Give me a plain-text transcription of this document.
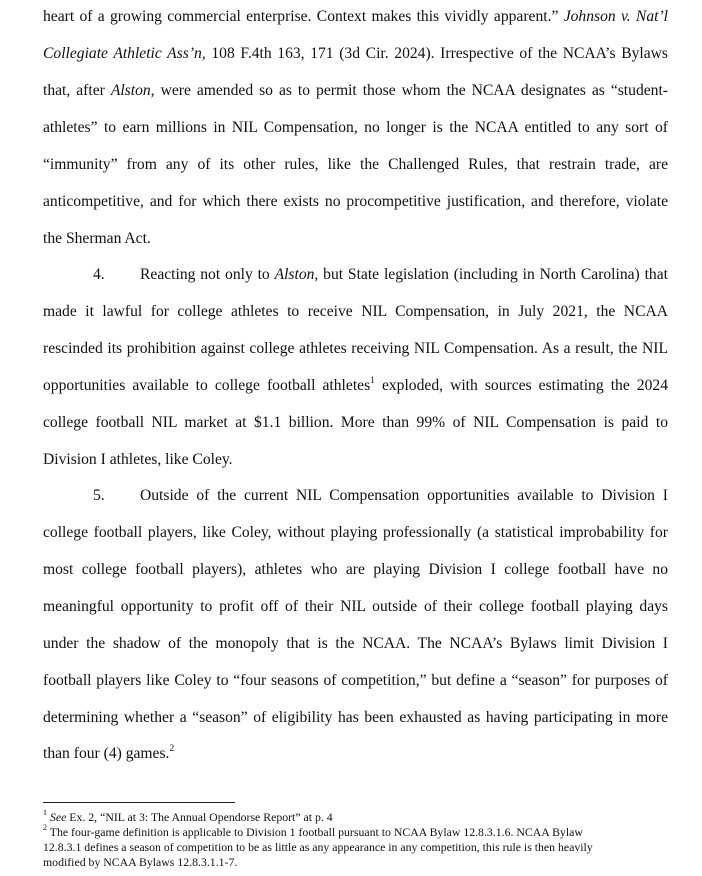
heart of a growing commercial enterprise. Context makes this vividly apparent.” Johnson v. Nat’l
Collegiate Athletic Ass’n, 108 F.4th 163, 171 (3d Cir. 2024). Irrespective of the NCAA’s Bylaws
that, after Alston, were amended so as to permit those whom the NCAA designates as “student-
athletes” to earn millions in NIL Compensation, no longer is the NCAA entitled to any sort of
“immunity” from any of its other rules, like the Challenged Rules, that restrain trade, are
anticompetitive, and for which there exists no procompetitive justification, and therefore, violate
the Sherman Act.
4. Reacting not only to Alston, but State legislation (including in North Carolina) that
made it lawful for college athletes to receive NIL Compensation, in July 2021, the NCAA
rescinded its prohibition against college athletes receiving NIL Compensation. As a result, the NIL
opportunities available to college football athletes$^1$ exploded, with sources estimating the 2024
college football NIL market at $1.1 billion. More than 99% of NIL Compensation is paid to
Division I athletes, like Coley.
5. Outside of the current NIL Compensation opportunities available to Division I
college football players, like Coley, without playing professionally (a statistical improbability for
most college football players), athletes who are playing Division I college football have no
meaningful opportunity to profit off of their NIL outside of their college football playing days
under the shadow of the monopoly that is the NCAA. The NCAA’s Bylaws limit Division I
football players like Coley to “four seasons of competition,” but define a “season” for purposes of
determining whether a “season” of eligibility has been exhausted as having participating in more
than four (4) games.$^2$
$^1$ See Ex. 2, “NIL at 3: The Annual Opendorse Report” at p. 4
$^2$ The four-game definition is applicable to Division 1 football pursuant to NCAA Bylaw 12.8.3.1.6. NCAA Bylaw
12.8.3.1 defines a season of competition to be as little as any appearance in any competition, this rule is then heavily
modified by NCAA Bylaws 12.8.3.1.1-7.
